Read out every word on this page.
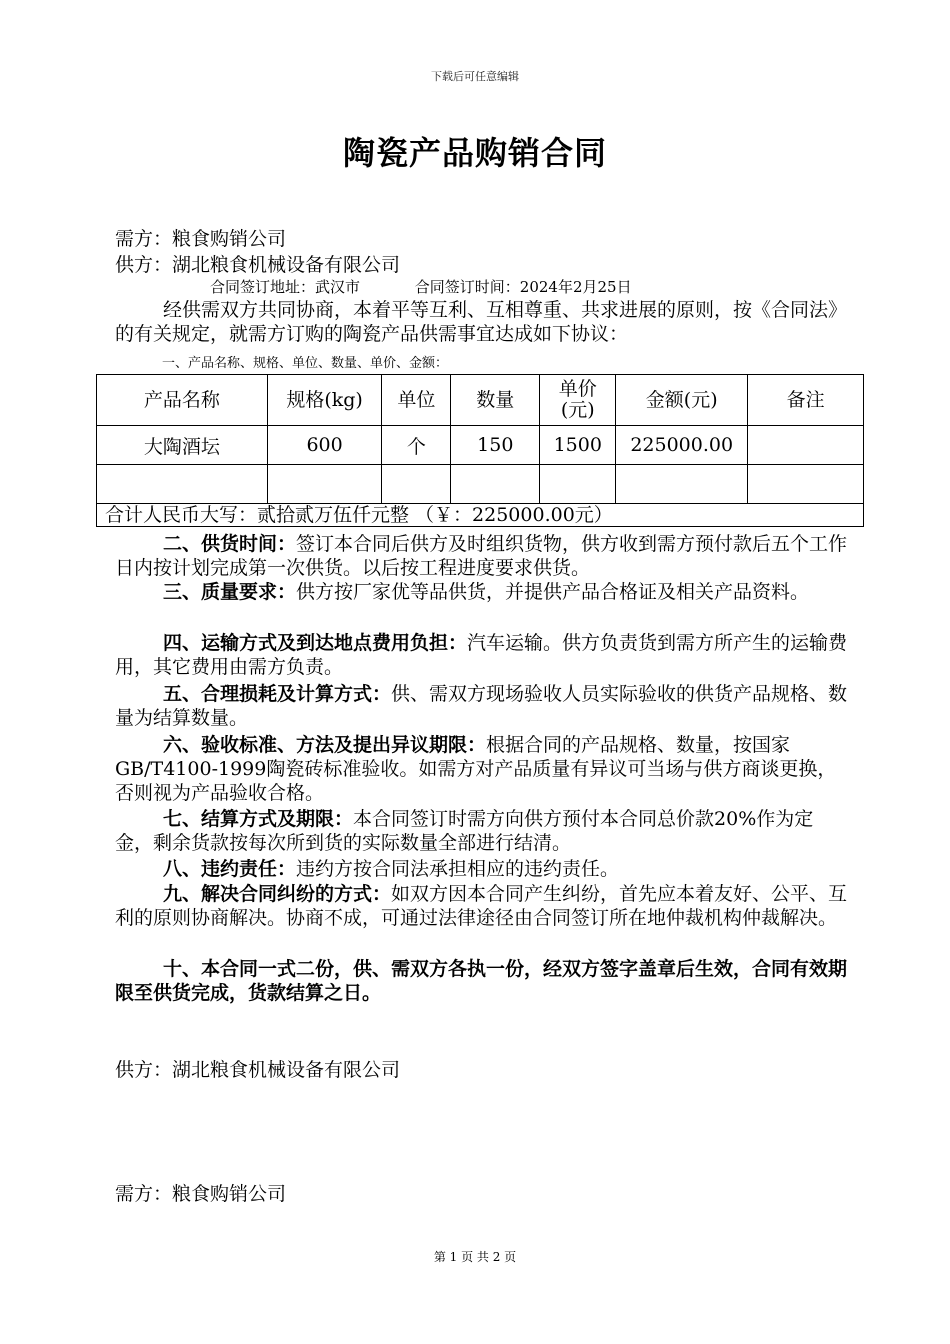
下载后可任意编辑
陶瓷产品购销合同
需方：粮食购销公司
供方：湖北粮食机械设备有限公司
合同签订地址：武汉市	合同签订时间：2024年2月25日
经供需双方共同协商，本着平等互利、互相尊重、共求进展的原则，按《合同法》的有关规定，就需方订购的陶瓷产品供需事宜达成如下协议：
一、产品名称、规格、单位、数量、单价、金额：
产品名称	规格(kg)	单位	数量	单价(元)	金额(元)	备注
大陶酒坛	600	个	150	1500	225000.00	

合计人民币大写：贰拾贰万伍仟元整 （￥：225000.00元）						
二、供货时间：签订本合同后供方及时组织货物，供方收到需方预付款后五个工作日内按计划完成第一次供货。以后按工程进度要求供货。
三、质量要求：供方按厂家优等品供货，并提供产品合格证及相关产品资料。
四、运输方式及到达地点费用负担：汽车运输。供方负责货到需方所产生的运输费用，其它费用由需方负责。
五、合理损耗及计算方式：供、需双方现场验收人员实际验收的供货产品规格、数量为结算数量。
六、验收标准、方法及提出异议期限：根据合同的产品规格、数量，按国家GB/T4100-1999陶瓷砖标准验收。如需方对产品质量有异议可当场与供方商谈更换，否则视为产品验收合格。
七、结算方式及期限：本合同签订时需方向供方预付本合同总价款20%作为定金，剩余货款按每次所到货的实际数量全部进行结清。
八、违约责任：违约方按合同法承担相应的违约责任。
九、解决合同纠纷的方式：如双方因本合同产生纠纷，首先应本着友好、公平、互利的原则协商解决。协商不成，可通过法律途径由合同签订所在地仲裁机构仲裁解决。
十、本合同一式二份，供、需双方各执一份，经双方签字盖章后生效，合同有效期限至供货完成，货款结算之日。
供方：湖北粮食机械设备有限公司
需方：粮食购销公司
第 1 页 共 2 页
